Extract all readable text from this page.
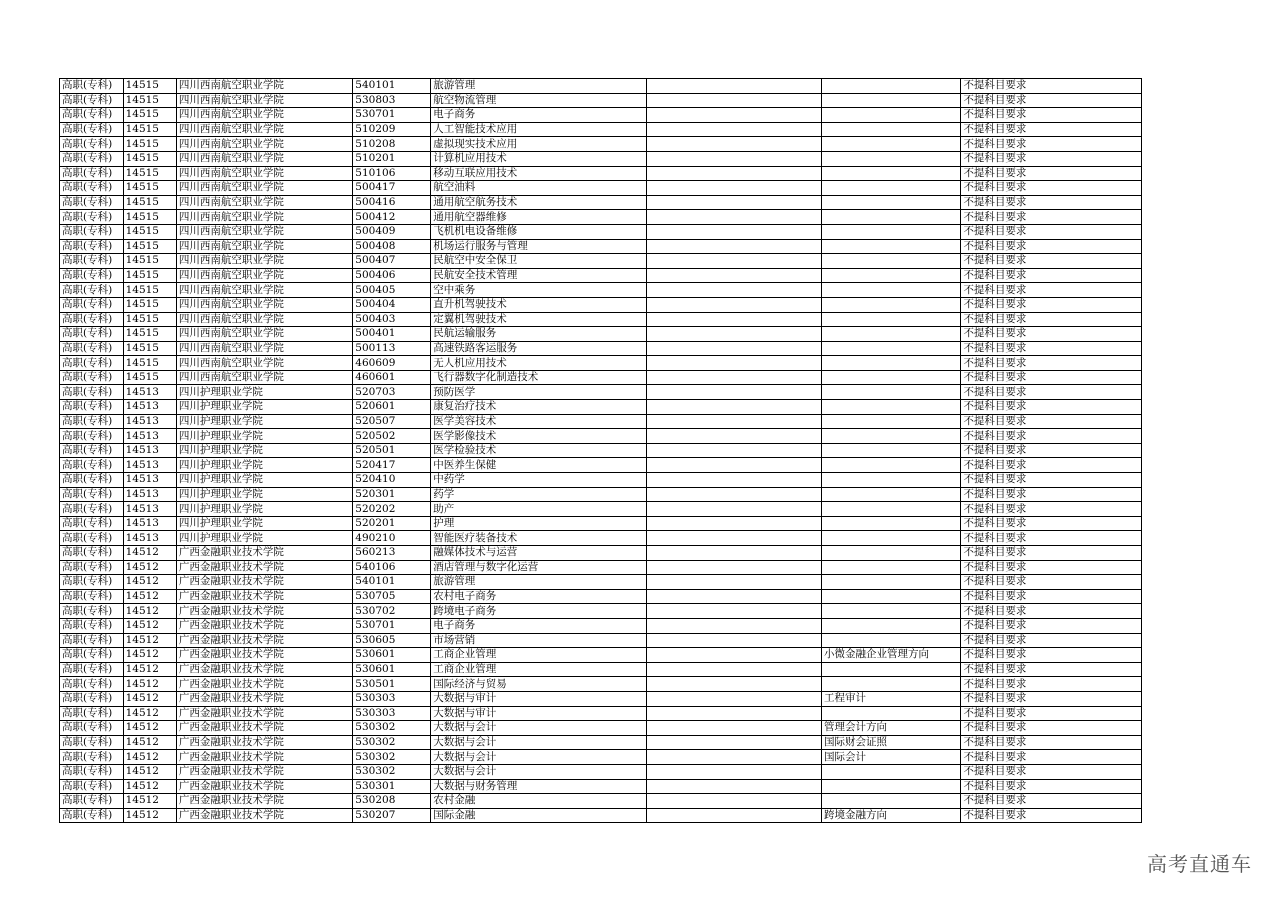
高职(专科)	14515	四川西南航空职业学院	540101	旅游管理			不提科目要求
高职(专科)	14515	四川西南航空职业学院	530803	航空物流管理			不提科目要求
高职(专科)	14515	四川西南航空职业学院	530701	电子商务			不提科目要求
高职(专科)	14515	四川西南航空职业学院	510209	人工智能技术应用			不提科目要求
高职(专科)	14515	四川西南航空职业学院	510208	虚拟现实技术应用			不提科目要求
高职(专科)	14515	四川西南航空职业学院	510201	计算机应用技术			不提科目要求
高职(专科)	14515	四川西南航空职业学院	510106	移动互联应用技术			不提科目要求
高职(专科)	14515	四川西南航空职业学院	500417	航空油料			不提科目要求
高职(专科)	14515	四川西南航空职业学院	500416	通用航空航务技术			不提科目要求
高职(专科)	14515	四川西南航空职业学院	500412	通用航空器维修			不提科目要求
高职(专科)	14515	四川西南航空职业学院	500409	飞机机电设备维修			不提科目要求
高职(专科)	14515	四川西南航空职业学院	500408	机场运行服务与管理			不提科目要求
高职(专科)	14515	四川西南航空职业学院	500407	民航空中安全保卫			不提科目要求
高职(专科)	14515	四川西南航空职业学院	500406	民航安全技术管理			不提科目要求
高职(专科)	14515	四川西南航空职业学院	500405	空中乘务			不提科目要求
高职(专科)	14515	四川西南航空职业学院	500404	直升机驾驶技术			不提科目要求
高职(专科)	14515	四川西南航空职业学院	500403	定翼机驾驶技术			不提科目要求
高职(专科)	14515	四川西南航空职业学院	500401	民航运输服务			不提科目要求
高职(专科)	14515	四川西南航空职业学院	500113	高速铁路客运服务			不提科目要求
高职(专科)	14515	四川西南航空职业学院	460609	无人机应用技术			不提科目要求
高职(专科)	14515	四川西南航空职业学院	460601	飞行器数字化制造技术			不提科目要求
高职(专科)	14513	四川护理职业学院	520703	预防医学			不提科目要求
高职(专科)	14513	四川护理职业学院	520601	康复治疗技术			不提科目要求
高职(专科)	14513	四川护理职业学院	520507	医学美容技术			不提科目要求
高职(专科)	14513	四川护理职业学院	520502	医学影像技术			不提科目要求
高职(专科)	14513	四川护理职业学院	520501	医学检验技术			不提科目要求
高职(专科)	14513	四川护理职业学院	520417	中医养生保健			不提科目要求
高职(专科)	14513	四川护理职业学院	520410	中药学			不提科目要求
高职(专科)	14513	四川护理职业学院	520301	药学			不提科目要求
高职(专科)	14513	四川护理职业学院	520202	助产			不提科目要求
高职(专科)	14513	四川护理职业学院	520201	护理			不提科目要求
高职(专科)	14513	四川护理职业学院	490210	智能医疗装备技术			不提科目要求
高职(专科)	14512	广西金融职业技术学院	560213	融媒体技术与运营			不提科目要求
高职(专科)	14512	广西金融职业技术学院	540106	酒店管理与数字化运营			不提科目要求
高职(专科)	14512	广西金融职业技术学院	540101	旅游管理			不提科目要求
高职(专科)	14512	广西金融职业技术学院	530705	农村电子商务			不提科目要求
高职(专科)	14512	广西金融职业技术学院	530702	跨境电子商务			不提科目要求
高职(专科)	14512	广西金融职业技术学院	530701	电子商务			不提科目要求
高职(专科)	14512	广西金融职业技术学院	530605	市场营销			不提科目要求
高职(专科)	14512	广西金融职业技术学院	530601	工商企业管理		小微金融企业管理方向	不提科目要求
高职(专科)	14512	广西金融职业技术学院	530601	工商企业管理			不提科目要求
高职(专科)	14512	广西金融职业技术学院	530501	国际经济与贸易			不提科目要求
高职(专科)	14512	广西金融职业技术学院	530303	大数据与审计		工程审计	不提科目要求
高职(专科)	14512	广西金融职业技术学院	530303	大数据与审计			不提科目要求
高职(专科)	14512	广西金融职业技术学院	530302	大数据与会计		管理会计方向	不提科目要求
高职(专科)	14512	广西金融职业技术学院	530302	大数据与会计		国际财会证照	不提科目要求
高职(专科)	14512	广西金融职业技术学院	530302	大数据与会计		国际会计	不提科目要求
高职(专科)	14512	广西金融职业技术学院	530302	大数据与会计			不提科目要求
高职(专科)	14512	广西金融职业技术学院	530301	大数据与财务管理			不提科目要求
高职(专科)	14512	广西金融职业技术学院	530208	农村金融			不提科目要求
高职(专科)	14512	广西金融职业技术学院	530207	国际金融		跨境金融方向	不提科目要求
高考直通车
